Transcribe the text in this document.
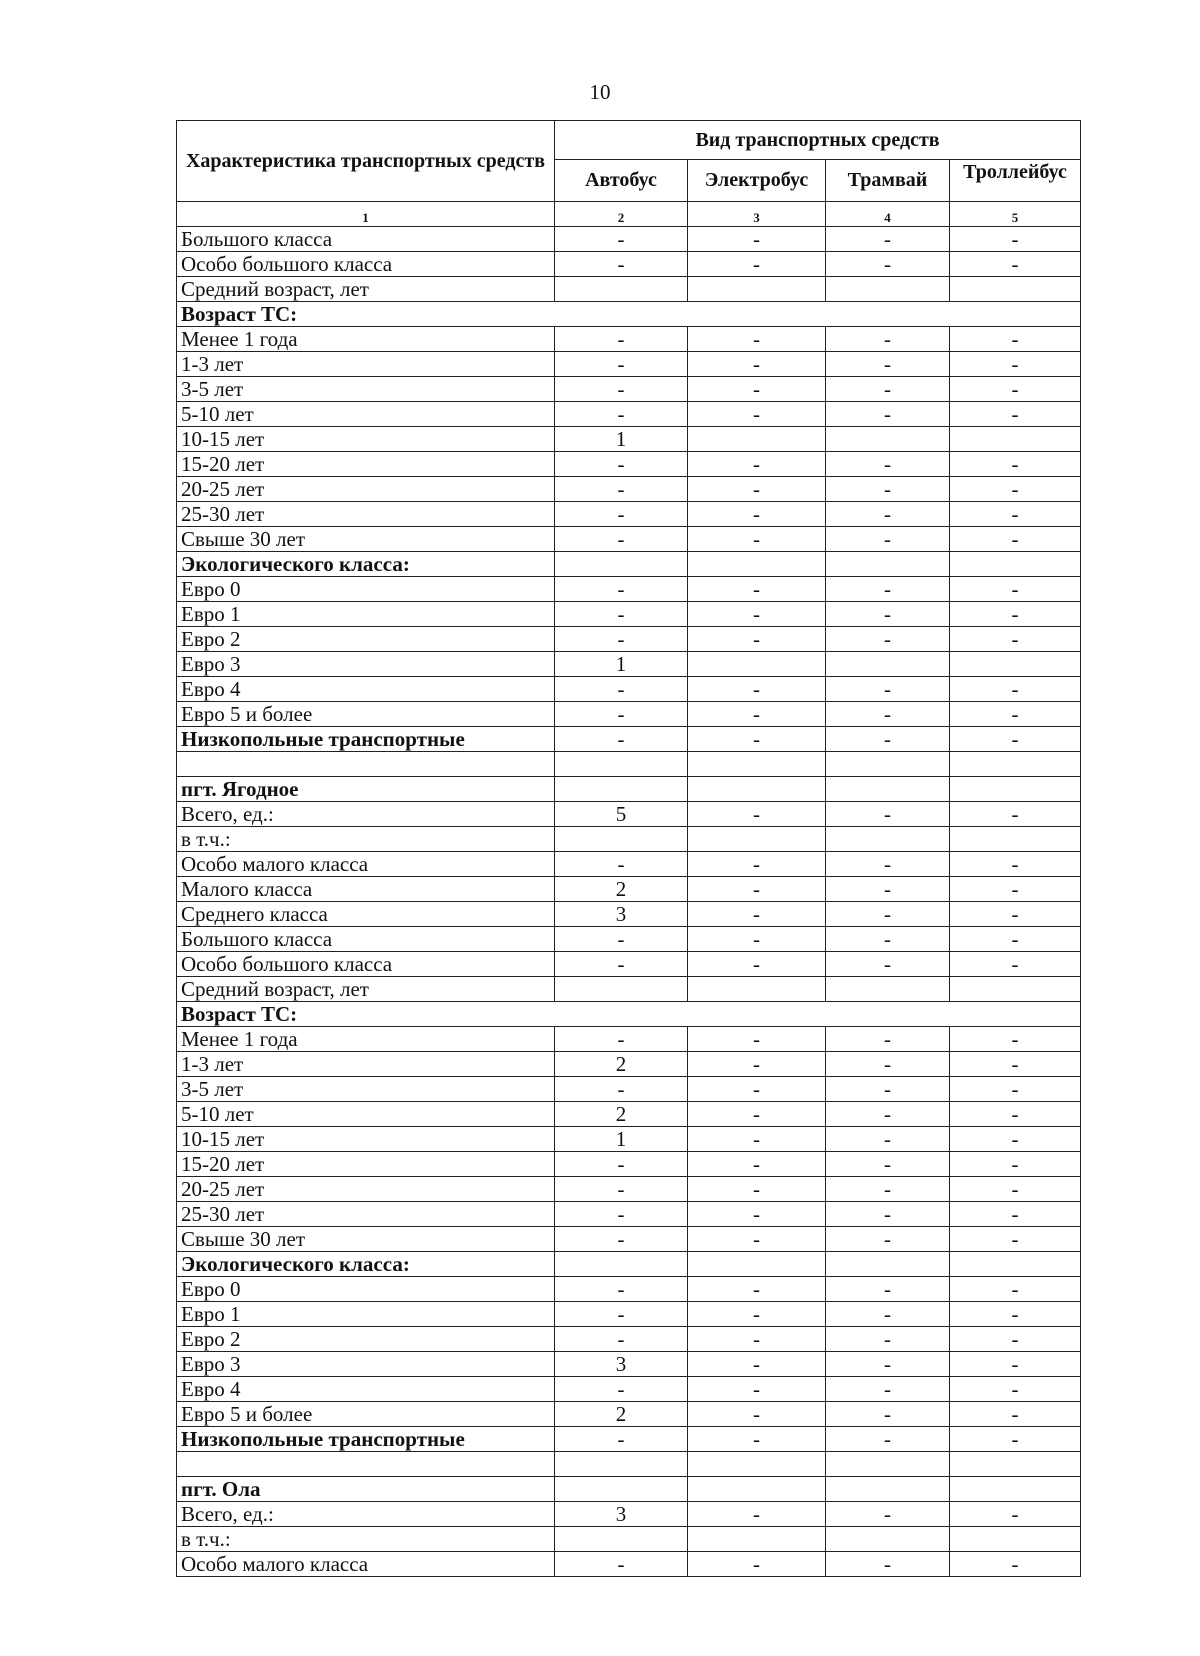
10
Характеристика транспортных средств	Вид транспортных средств			
	Автобус	Электробус	Трамвай	Троллейбус

1	2	3	4	5
Большого класса	-	-	-	-
Особо большого класса	-	-	-	-
Средний возраст, лет				
Возраст ТС:				
Менее 1 года	-	-	-	-
1-3 лет	-	-	-	-
3-5 лет	-	-	-	-
5-10 лет	-	-	-	-
10-15 лет	1			
15-20 лет	-	-	-	-
20-25 лет	-	-	-	-
25-30 лет	-	-	-	-
Свыше 30 лет	-	-	-	-
Экологического класса:				
Евро 0	-	-	-	-
Евро 1	-	-	-	-
Евро 2	-	-	-	-
Евро 3	1			
Евро 4	-	-	-	-
Евро 5 и более	-	-	-	-
Низкопольные транспортные	-	-	-	-

пгт. Ягодное				
Всего, ед.:	5	-	-	-
в т.ч.:				
Особо малого класса	-	-	-	-
Малого класса	2	-	-	-
Среднего класса	3	-	-	-
Большого класса	-	-	-	-
Особо большого класса	-	-	-	-
Средний возраст, лет				
Возраст ТС:				
Менее 1 года	-	-	-	-
1-3 лет	2	-	-	-
3-5 лет	-	-	-	-
5-10 лет	2	-	-	-
10-15 лет	1	-	-	-
15-20 лет	-	-	-	-
20-25 лет	-	-	-	-
25-30 лет	-	-	-	-
Свыше 30 лет	-	-	-	-
Экологического класса:				
Евро 0	-	-	-	-
Евро 1	-	-	-	-
Евро 2	-	-	-	-
Евро 3	3	-	-	-
Евро 4	-	-	-	-
Евро 5 и более	2	-	-	-
Низкопольные транспортные	-	-	-	-

пгт. Ола				
Всего, ед.:	3	-	-	-
в т.ч.:				
Особо малого класса	-	-	-	-
